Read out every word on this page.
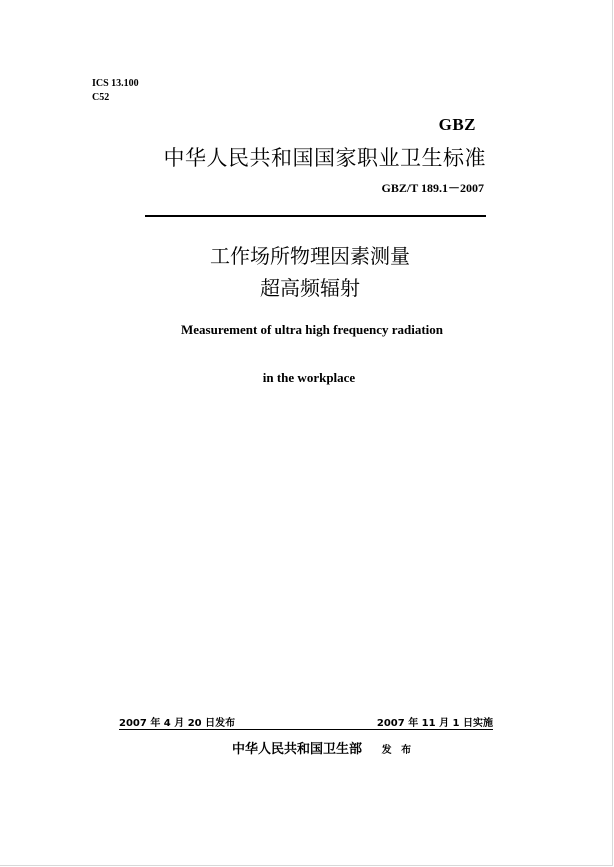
ICS 13.100
C52
GBZ
中华人民共和国国家职业卫生标准
GBZ/T 189.1－2007
工作场所物理因素测量
超高频辐射
Measurement of ultra high frequency radiation
in the workplace
2007 年 4 月 20 日发布	2007 年 11 月 1 日实施
中华人民共和国卫生部 发 布
